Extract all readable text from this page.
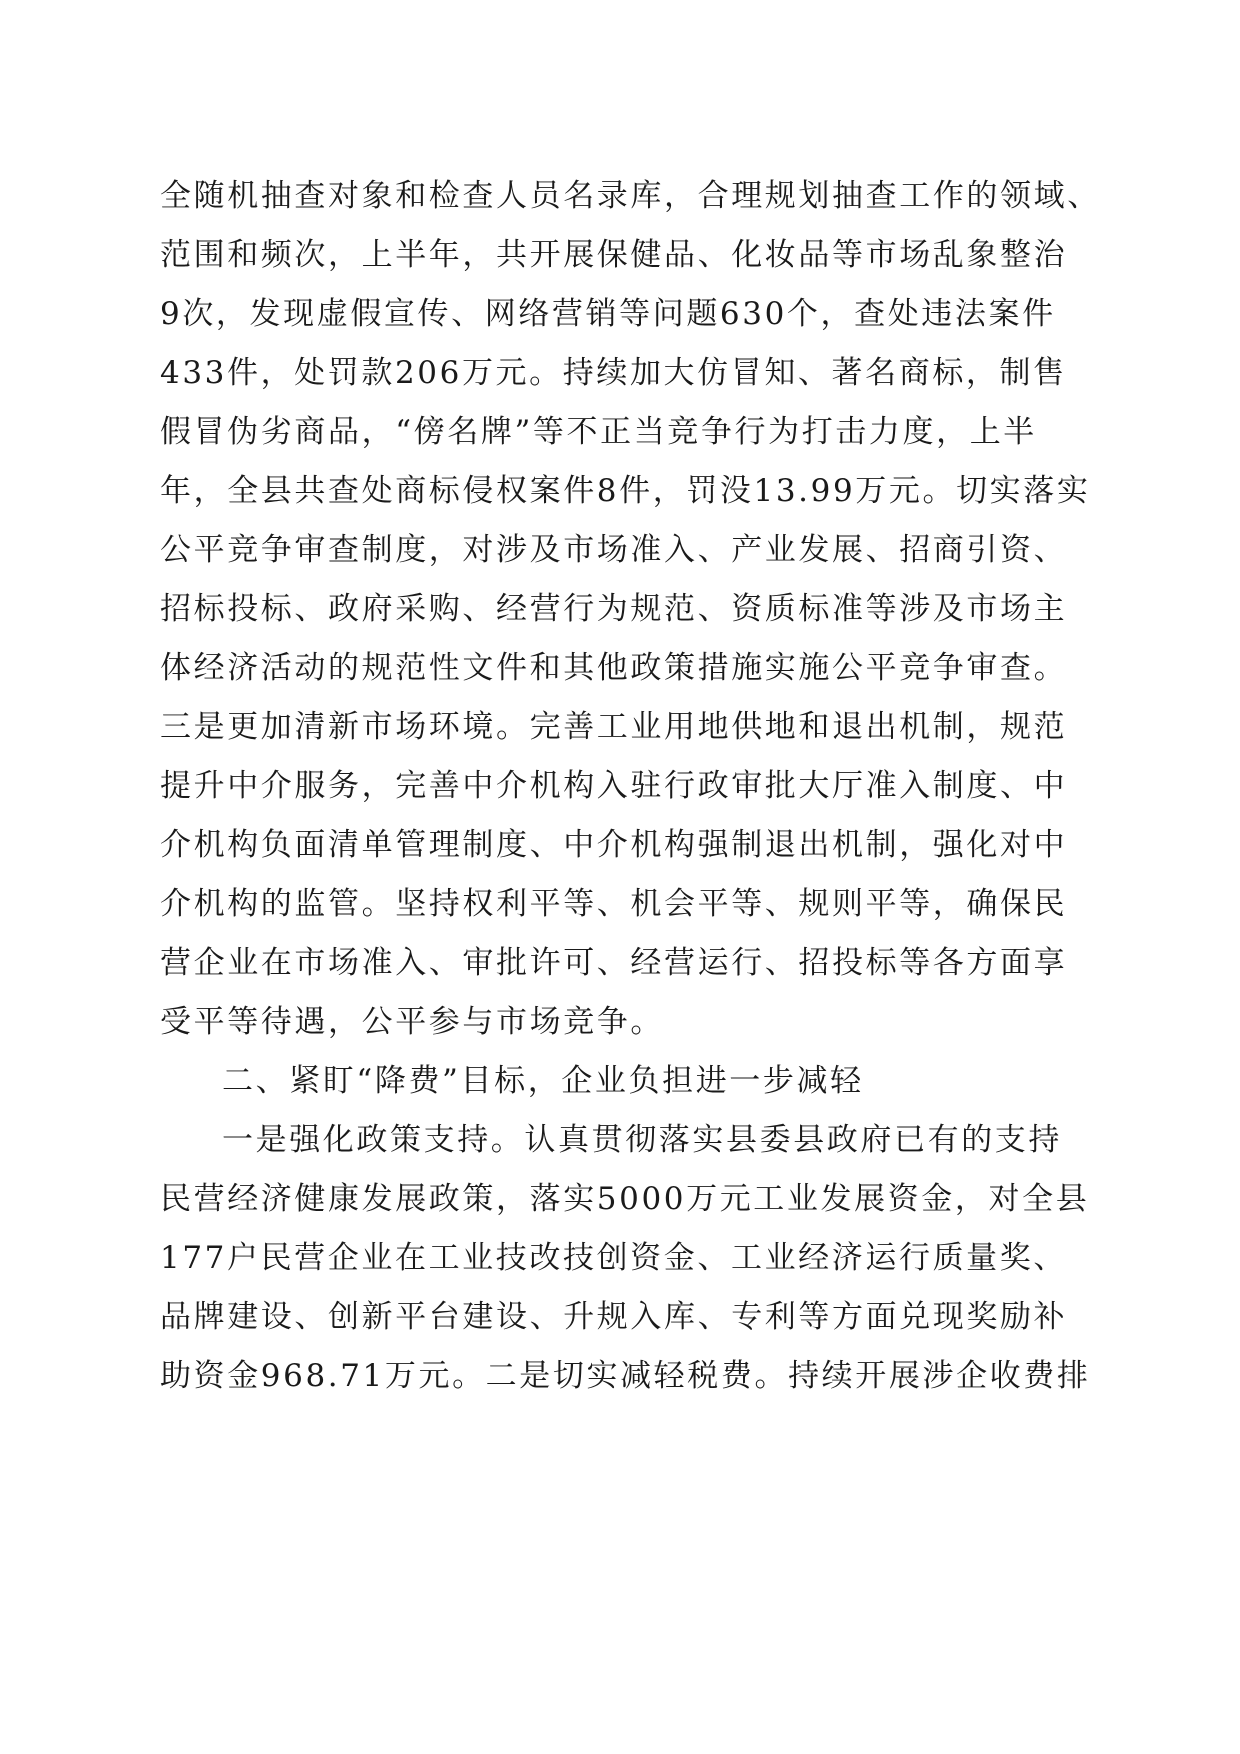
全随机抽查对象和检查人员名录库，合理规划抽查工作的领域、
范围和频次，上半年，共开展保健品、化妆品等市场乱象整治
9次，发现虚假宣传、网络营销等问题630个，查处违法案件
433件，处罚款206万元。持续加大仿冒知、著名商标，制售
假冒伪劣商品，“傍名牌”等不正当竞争行为打击力度，上半
年，全县共查处商标侵权案件8件，罚没13.99万元。切实落实
公平竞争审查制度，对涉及市场准入、产业发展、招商引资、
招标投标、政府采购、经营行为规范、资质标准等涉及市场主
体经济活动的规范性文件和其他政策措施实施公平竞争审查。
三是更加清新市场环境。完善工业用地供地和退出机制，规范
提升中介服务，完善中介机构入驻行政审批大厅准入制度、中
介机构负面清单管理制度、中介机构强制退出机制，强化对中
介机构的监管。坚持权利平等、机会平等、规则平等，确保民
营企业在市场准入、审批许可、经营运行、招投标等各方面享
受平等待遇，公平参与市场竞争。
二、紧盯“降费”目标，企业负担进一步减轻
一是强化政策支持。认真贯彻落实县委县政府已有的支持
民营经济健康发展政策，落实5000万元工业发展资金，对全县
177户民营企业在工业技改技创资金、工业经济运行质量奖、
品牌建设、创新平台建设、升规入库、专利等方面兑现奖励补
助资金968.71万元。二是切实减轻税费。持续开展涉企收费排
